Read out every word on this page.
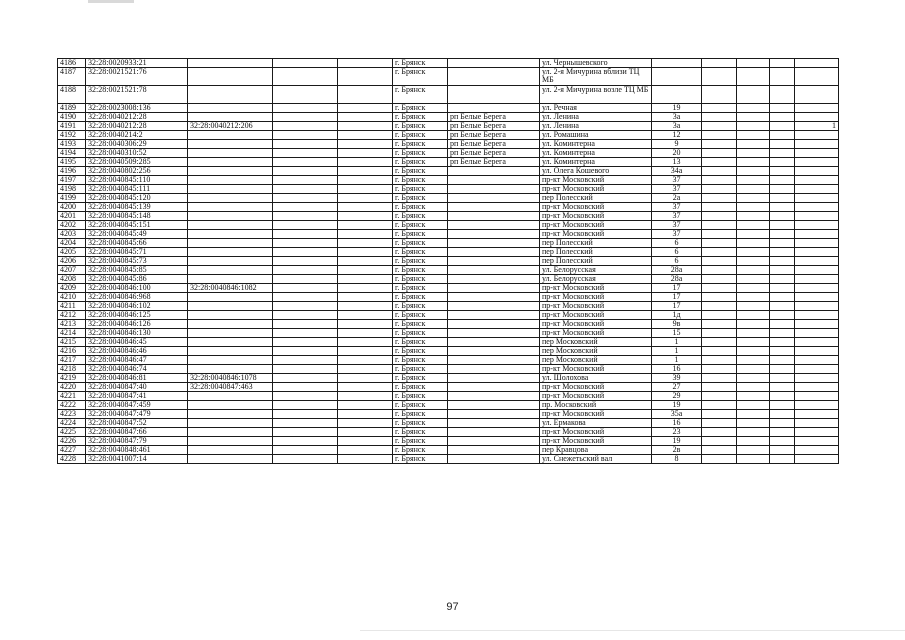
4186	32:28:0020933:21				г. Брянск		ул. Чернышевского					
4187	32:28:0021521:76				г. Брянск		ул. 2-я Мичурина вблизи ТЦ МБ					
4188	32:28:0021521:78				г. Брянск		ул. 2-я Мичурина возле ТЦ МБ					
4189	32:28:0023008:136				г. Брянск		ул. Речная	19				
4190	32:28:0040212:28				г. Брянск	рп Белые Берега	ул. Ленина	3а				
4191	32:28:0040212:28	32:28:0040212:206			г. Брянск	рп Белые Берега	ул. Ленина	3а				1
4192	32:28:0040214:2				г. Брянск	рп Белые Берега	ул. Ромашина	12				
4193	32:28:0040306:29				г. Брянск	рп Белые Берега	ул. Коминтерна	9				
4194	32:28:0040310:52				г. Брянск	рп Белые Берега	ул. Коминтерна	20				
4195	32:28:0040509:285				г. Брянск	рп Белые Берега	ул. Коминтерна	13				
4196	32:28:0040802:256				г. Брянск		ул. Олега Кошевого	34а				
4197	32:28:0040845:110				г. Брянск		пр-кт Московский	37				
4198	32:28:0040845:111				г. Брянск		пр-кт Московский	37				
4199	32:28:0040845:120				г. Брянск		пер Полесский	2а				
4200	32:28:0040845:139				г. Брянск		пр-кт Московский	37				
4201	32:28:0040845:148				г. Брянск		пр-кт Московский	37				
4202	32:28:0040845:151				г. Брянск		пр-кт Московский	37				
4203	32:28:0040845:49				г. Брянск		пр-кт Московский	37				
4204	32:28:0040845:66				г. Брянск		пер Полесский	6				
4205	32:28:0040845:71				г. Брянск		пер Полесский	6				
4206	32:28:0040845:73				г. Брянск		пер Полесский	6				
4207	32:28:0040845:85				г. Брянск		ул. Белорусская	28а				
4208	32:28:0040845:86				г. Брянск		ул. Белорусская	28а				
4209	32:28:0040846:100	32:28:0040846:1082			г. Брянск		пр-кт Московский	17				
4210	32:28:0040846:968				г. Брянск		пр-кт Московский	17				
4211	32:28:0040846:102				г. Брянск		пр-кт Московский	17				
4212	32:28:0040846:125				г. Брянск		пр-кт Московский	1д				
4213	32:28:0040846:126				г. Брянск		пр-кт Московский	9в				
4214	32:28:0040846:130				г. Брянск		пр-кт Московский	15				
4215	32:28:0040846:45				г. Брянск		пер Московский	1				
4216	32:28:0040846:46				г. Брянск		пер Московский	1				
4217	32:28:0040846:47				г. Брянск		пер Московский	1				
4218	32:28:0040846:74				г. Брянск		пр-кт Московский	16				
4219	32:28:0040846:81	32:28:0040846:1078			г. Брянск		ул. Шолохова	39				
4220	32:28:0040847:40	32:28:0040847:463			г. Брянск		пр-кт Московский	27				
4221	32:28:0040847:41				г. Брянск		пр-кт Московский	29				
4222	32:28:0040847:459				г. Брянск		пр. Московский	19				
4223	32:28:0040847:479				г. Брянск		пр-кт Московский	35а				
4224	32:28:0040847:52				г. Брянск		ул. Ермакова	16				
4225	32:28:0040847:66				г. Брянск		пр-кт Московский	23				
4226	32:28:0040847:79				г. Брянск		пр-кт Московский	19				
4227	32:28:0040848:461				г. Брянск		пер Кравцова	2в				
4228	32:28:0041007:14				г. Брянск		ул. Снежетьский вал	8				
97
